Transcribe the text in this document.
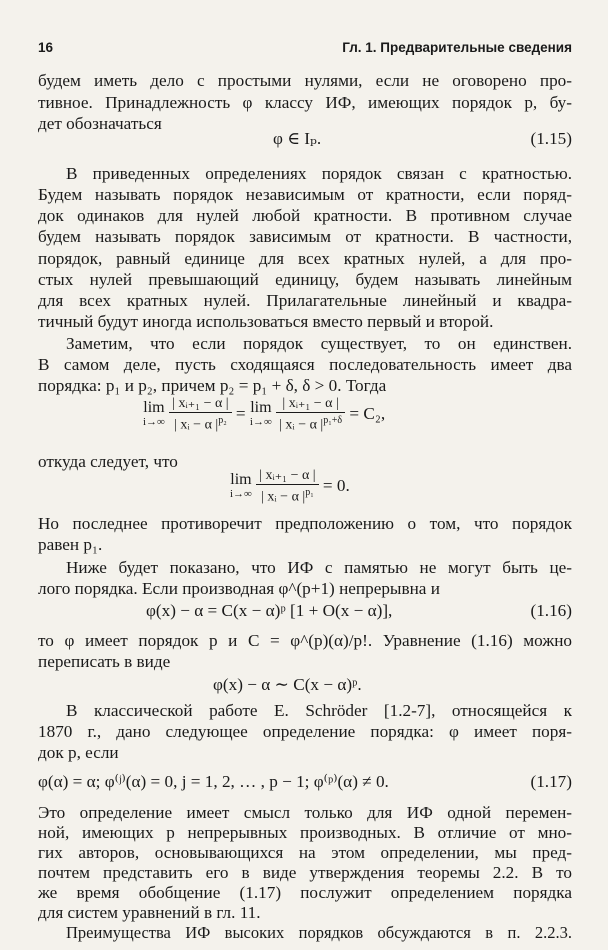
16	Гл. 1. Предварительные сведения
будем иметь дело с простыми нулями, если не оговорено про-
тивное. Принадлежность φ классу ИФ, имеющих порядок p, бу-
дет обозначаться
φ ∈ Iₚ.	(1.15)
В приведенных определениях порядок связан с кратностью.
Будем называть порядок независимым от кратности, если поряд-
док одинаков для нулей любой кратности. В противном случае
будем называть порядок зависимым от кратности. В частности,
порядок, равный единице для всех кратных нулей, а для про-
стых нулей превышающий единицу, будем называть линейным
для всех кратных нулей. Прилагательные линейный и квадра-
тичный будут иногда использоваться вместо первый и второй.
Заметим, что если порядок существует, то он единствен.
В самом деле, пусть сходящаяся последовательность имеет два
порядка: p₁ и p₂, причем p₂ = p₁ + δ, δ > 0. Тогда
lim
i→∞
$\frac{\text{| xᵢ₊₁ − α |}}{| xᵢ - \alpha |^{p_2}} = \lim$
i→∞
$\frac{\text{| xᵢ₊₁ − α |}}{| xᵢ - \alpha |^{p_1+\delta}} = C_2$,
откуда следует, что
lim
i→∞
$\frac{\text{| xᵢ₊₁ − α |}}{| xᵢ - \alpha |^{p_1}} = 0$.
Но последнее противоречит предположению о том, что порядок
равен p₁.
Ниже будет показано, что ИФ с памятью не могут быть це-
лого порядка. Если производная φ^(p+1) непрерывна и
φ(x) − α = C(x − α)ᵖ [1 + O(x − α)],	(1.16)
то φ имеет порядок p и C = φ^(p)(α)/p!. Уравнение (1.16) можно
переписать в виде
φ(x) − α ∼ C(x − α)ᵖ.
В классической работе E. Schröder [1.2-7], относящейся к
1870 г., дано следующее определение порядка: φ имеет поря-
док p, если
φ(α) = α; φ⁽ʲ⁾(α) = 0, j = 1, 2, … , p − 1; φ⁽ᵖ⁾(α) ≠ 0.	(1.17)
Это определение имеет смысл только для ИФ одной перемен-
ной, имеющих p непрерывных производных. В отличие от мно-
гих авторов, основывающихся на этом определении, мы пред-
почтем представить его в виде утверждения теоремы 2.2. В то
же время обобщение (1.17) послужит определением порядка
для систем уравнений в гл. 11.
Преимущества ИФ высоких порядков обсуждаются в п. 2.2.3.
